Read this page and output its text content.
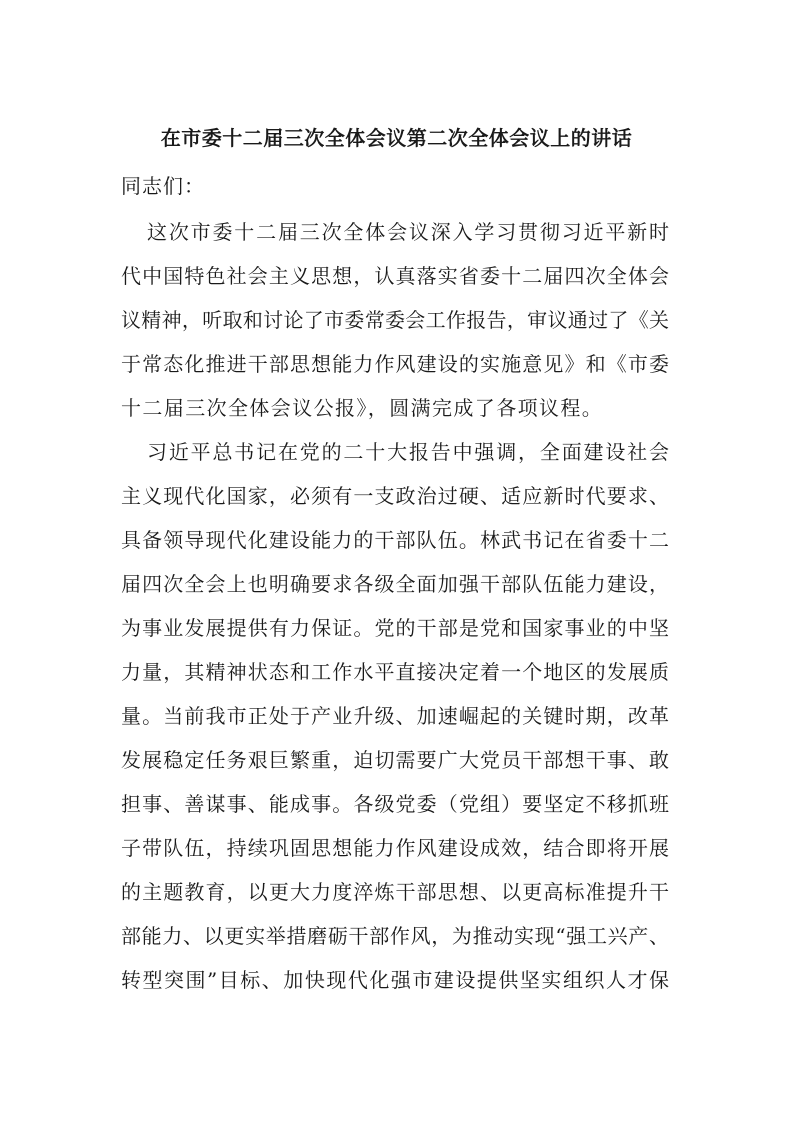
在市委十二届三次全体会议第二次全体会议上的讲话
同志们：
这次市委十二届三次全体会议深入学习贯彻习近平新时
代中国特色社会主义思想，认真落实省委十二届四次全体会
议精神，听取和讨论了市委常委会工作报告，审议通过了《关
于常态化推进干部思想能力作风建设的实施意见》和《市委
十二届三次全体会议公报》，圆满完成了各项议程。
习近平总书记在党的二十大报告中强调，全面建设社会
主义现代化国家，必须有一支政治过硬、适应新时代要求、
具备领导现代化建设能力的干部队伍。林武书记在省委十二
届四次全会上也明确要求各级全面加强干部队伍能力建设，
为事业发展提供有力保证。党的干部是党和国家事业的中坚
力量，其精神状态和工作水平直接决定着一个地区的发展质
量。当前我市正处于产业升级、加速崛起的关键时期，改革
发展稳定任务艰巨繁重，迫切需要广大党员干部想干事、敢
担事、善谋事、能成事。各级党委（党组）要坚定不移抓班
子带队伍，持续巩固思想能力作风建设成效，结合即将开展
的主题教育，以更大力度淬炼干部思想、以更高标准提升干
部能力、以更实举措磨砺干部作风，为推动实现“强工兴产、
转型突围”目标、加快现代化强市建设提供坚实组织人才保
